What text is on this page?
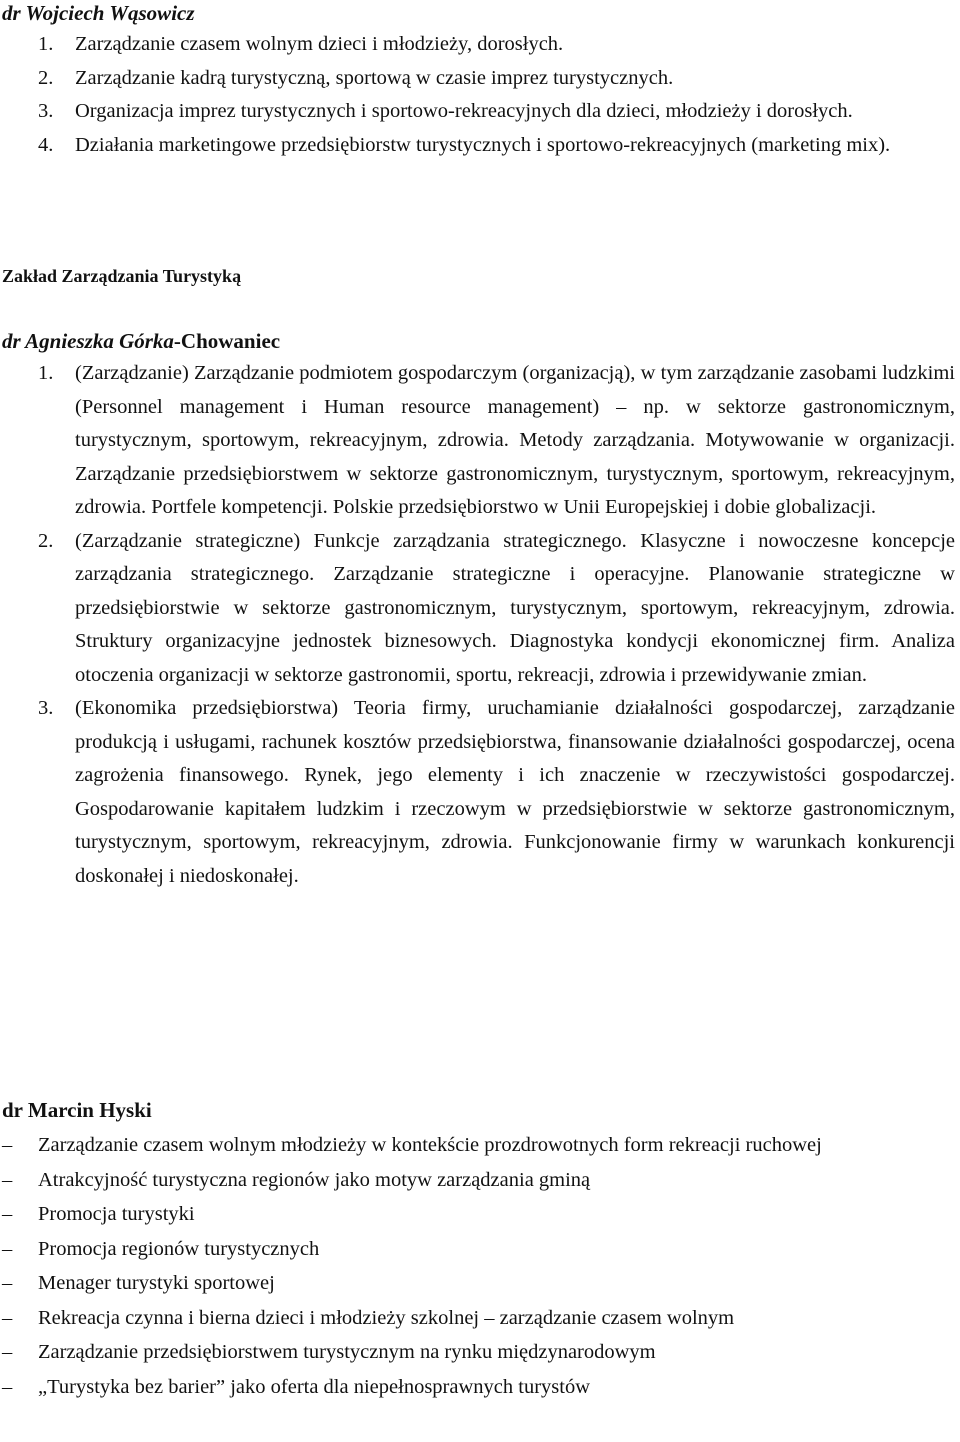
dr Wojciech Wąsowicz
1. Zarządzanie czasem wolnym dzieci i młodzieży, dorosłych.
2. Zarządzanie kadrą turystyczną, sportową w czasie imprez turystycznych.
3. Organizacja imprez turystycznych i sportowo-rekreacyjnych dla dzieci, młodzieży i dorosłych.
4. Działania marketingowe przedsiębiorstw turystycznych i sportowo-rekreacyjnych (marketing mix).
Zakład Zarządzania Turystyką
dr Agnieszka Górka-Chowaniec
1. (Zarządzanie) Zarządzanie podmiotem gospodarczym (organizacją), w tym zarządzanie zasobami ludzkimi (Personnel management i Human resource management) – np. w sektorze gastronomicznym, turystycznym, sportowym, rekreacyjnym, zdrowia. Metody zarządzania. Motywowanie w organizacji. Zarządzanie przedsiębiorstwem w sektorze gastronomicznym, turystycznym, sportowym, rekreacyjnym, zdrowia. Portfele kompetencji. Polskie przedsiębiorstwo w Unii Europejskiej i dobie globalizacji.
2. (Zarządzanie strategiczne) Funkcje zarządzania strategicznego. Klasyczne i nowoczesne koncepcje zarządzania strategicznego. Zarządzanie strategiczne i operacyjne. Planowanie strategiczne w przedsiębiorstwie w sektorze gastronomicznym, turystycznym, sportowym, rekreacyjnym, zdrowia. Struktury organizacyjne jednostek biznesowych. Diagnostyka kondycji ekonomicznej firm. Analiza otoczenia organizacji w sektorze gastronomii, sportu, rekreacji, zdrowia i przewidywanie zmian.
3. (Ekonomika przedsiębiorstwa) Teoria firmy, uruchamianie działalności gospodarczej, zarządzanie produkcją i usługami, rachunek kosztów przedsiębiorstwa, finansowanie działalności gospodarczej, ocena zagrożenia finansowego. Rynek, jego elementy i ich znaczenie w rzeczywistości gospodarczej. Gospodarowanie kapitałem ludzkim i rzeczowym w przedsiębiorstwie w sektorze gastronomicznym, turystycznym, sportowym, rekreacyjnym, zdrowia. Funkcjonowanie firmy w warunkach konkurencji doskonałej i niedoskonałej.
dr Marcin Hyski
– Zarządzanie czasem wolnym młodzieży w kontekście prozdrowotnych form rekreacji ruchowej
– Atrakcyjność turystyczna regionów jako motyw zarządzania gminą
– Promocja turystyki
– Promocja regionów turystycznych
– Menager turystyki sportowej
– Rekreacja czynna i bierna dzieci i młodzieży szkolnej – zarządzanie czasem wolnym
– Zarządzanie przedsiębiorstwem turystycznym na rynku międzynarodowym
– „Turystyka bez barier” jako oferta dla niepełnosprawnych turystów
